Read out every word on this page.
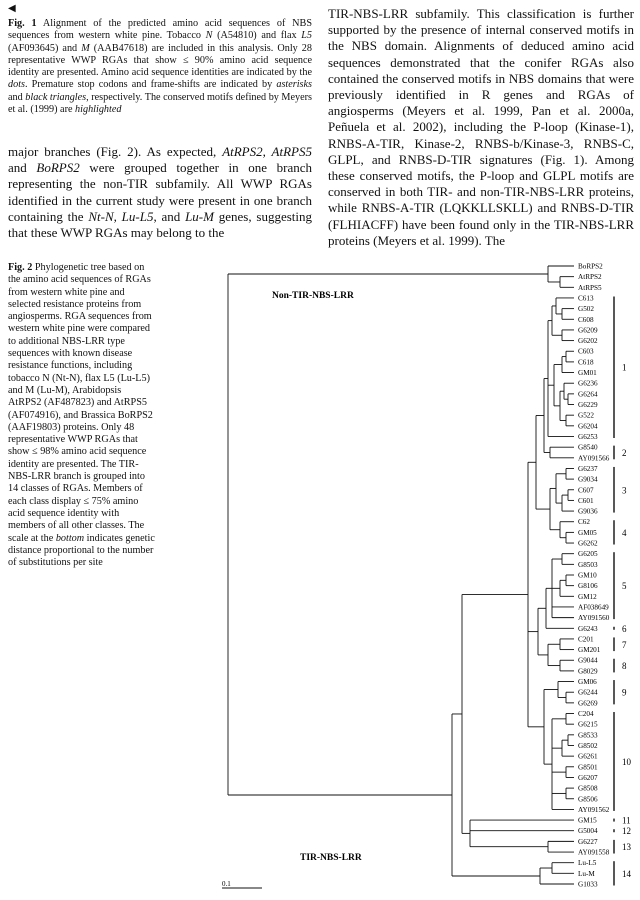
◀
Fig. 1 Alignment of the predicted amino acid sequences of NBS sequences from western white pine. Tobacco N (A54810) and flax L5 (AF093645) and M (AAB47618) are included in this analysis. Only 28 representative WWP RGAs that show ≤ 90% amino acid sequence identity are presented. Amino acid sequence identities are indicated by the dots. Premature stop codons and frame-shifts are indicated by asterisks and black triangles, respectively. The conserved motifs defined by Meyers et al. (1999) are highlighted
major branches (Fig. 2). As expected, AtRPS2, AtRPS5 and BoRPS2 were grouped together in one branch representing the non-TIR subfamily. All WWP RGAs identified in the current study were present in one branch containing the Nt-N, Lu-L5, and Lu-M genes, suggesting that these WWP RGAs may belong to the
TIR-NBS-LRR subfamily. This classification is further supported by the presence of internal conserved motifs in the NBS domain. Alignments of deduced amino acid sequences demonstrated that the conifer RGAs also contained the conserved motifs in NBS domains that were previously identified in R genes and RGAs of angiosperms (Meyers et al. 1999, Pan et al. 2000a, Peñuela et al. 2002), including the P-loop (Kinase-1), RNBS-A-TIR, Kinase-2, RNBS-b/Kinase-3, RNBS-C, GLPL, and RNBS-D-TIR signatures (Fig. 1). Among these conserved motifs, the P-loop and GLPL motifs are conserved in both TIR- and non-TIR-NBS-LRR proteins, while RNBS-A-TIR (LQKKLLSKLL) and RNBS-D-TIR (FLHIACFF) have been found only in the TIR-NBS-LRR proteins (Meyers et al. 1999). The
Fig. 2 Phylogenetic tree based on the amino acid sequences of RGAs from western white pine and selected resistance proteins from angiosperms. RGA sequences from western white pine were compared to additional NBS-LRR type sequences with known disease resistance functions, including tobacco N (Nt-N), flax L5 (Lu-L5) and M (Lu-M), Arabidopsis AtRPS2 (AF487823) and AtRPS5 (AF074916), and Brassica BoRPS2 (AAF19803) proteins. Only 48 representative WWP RGAs that show ≤ 98% amino acid sequence identity are presented. The TIR-NBS-LRR branch is grouped into 14 classes of RGAs. Members of each class display ≤ 75% amino acid sequence identity with members of all other classes. The scale at the bottom indicates genetic distance proportional to the number of substitutions per site
BoRPS2
AtRPS2
AtRPS5
C613
G502
C608
G6209
G6202
C603
C618
GM01
G6236
G6264
G6229
G522
G6204
G6253
G8540
AY091566
G6237
G9034
C607
C601
G9036
C62
GM05
G6262
G6205
G8503
GM10
G8106
GM12
AF038649
AY091560
G6243
C201
GM201
G9044
G8029
GM06
G6244
G6269
C204
G6215
G8533
G8502
G6261
G8501
G6207
G8508
G8506
AY091562
GM15
G5004
G6227
AY091558
Lu-L5
Lu-M
G1033
Non-TIR-NBS-LRR
TIR-NBS-LRR
0.1
1
2
3
4
5
6
7
8
9
10
11
12
13
14
